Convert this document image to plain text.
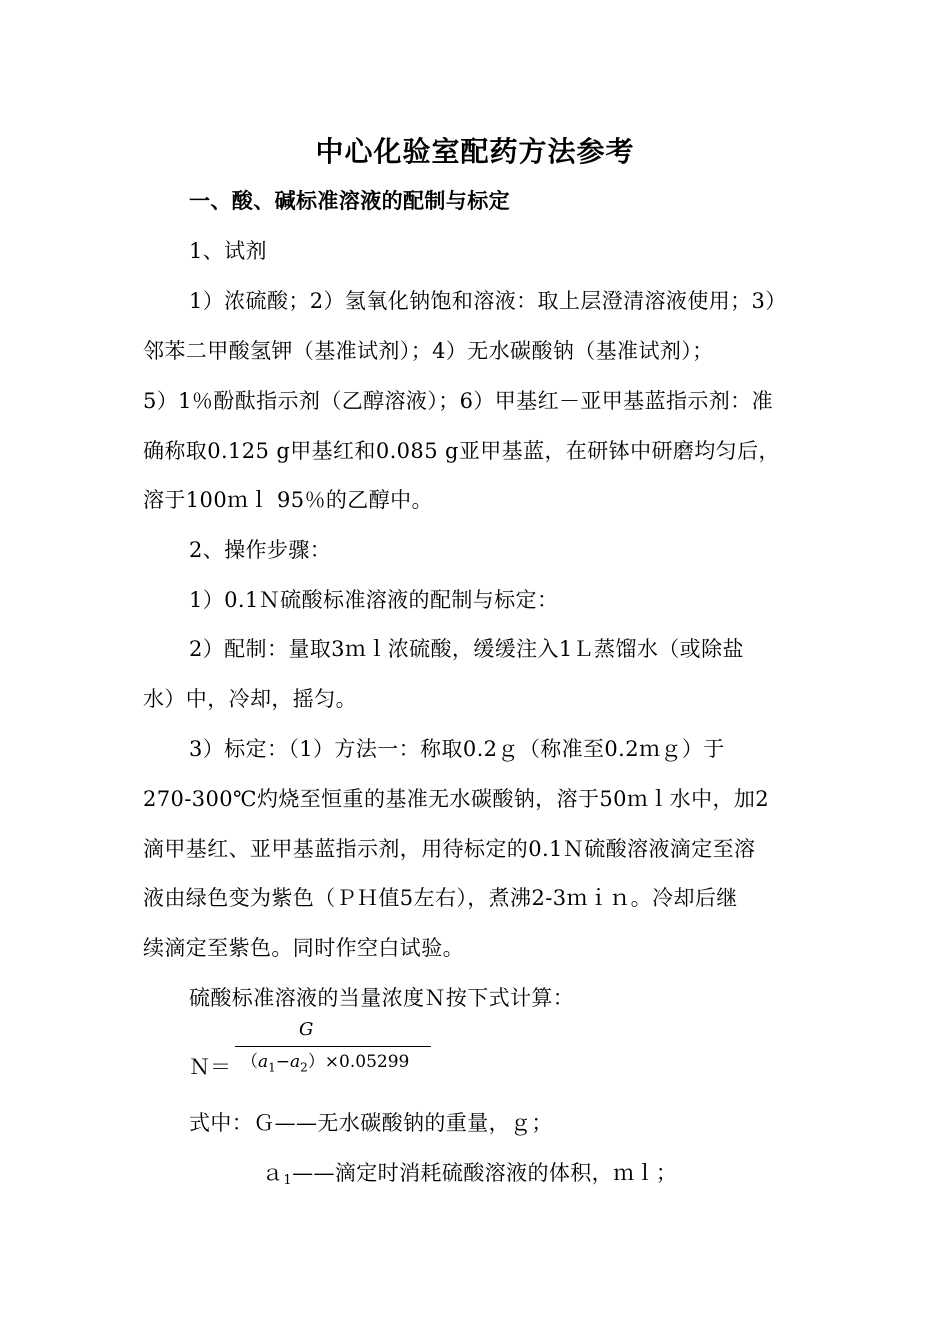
中心化验室配药方法参考
一、酸、碱标准溶液的配制与标定
1、试剂
1）浓硫酸；2）氢氧化钠饱和溶液：取上层澄清溶液使用；3）
邻苯二甲酸氢钾（基准试剂）；4）无水碳酸钠（基准试剂）；
5）1％酚酞指示剂（乙醇溶液）；6）甲基红－亚甲基蓝指示剂：准
确称取0.125 g甲基红和0.085 g亚甲基蓝，在研钵中研磨均匀后，
溶于100ｍｌ 95％的乙醇中。
2、操作步骤：
1）0.1Ｎ硫酸标准溶液的配制与标定：
2）配制：量取3ｍｌ浓硫酸，缓缓注入1Ｌ蒸馏水（或除盐
水）中，冷却，摇匀。
3）标定：（1）方法一：称取0.2ｇ（称准至0.2ｍｇ）于
270-300℃灼烧至恒重的基准无水碳酸钠，溶于50ｍｌ水中，加2
滴甲基红、亚甲基蓝指示剂，用待标定的0.1Ｎ硫酸溶液滴定至溶
液由绿色变为紫色（ＰＨ值5左右），煮沸2-3ｍｉｎ。冷却后继
续滴定至紫色。同时作空白试验。
硫酸标准溶液的当量浓度Ｎ按下式计算：
Ｎ＝
G
$(a_1-a_2)\times 0.05299$
式中：Ｇ——无水碳酸钠的重量，ｇ；
ａ$_1$——滴定时消耗硫酸溶液的体积，ｍｌ；
